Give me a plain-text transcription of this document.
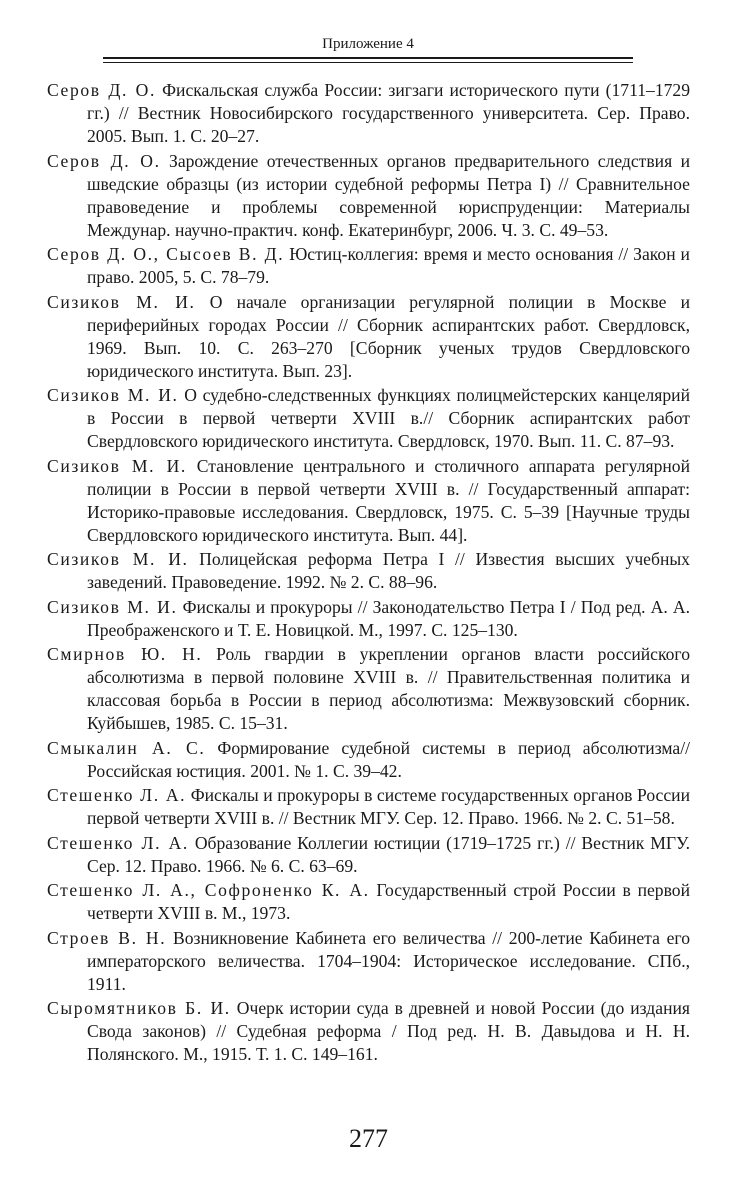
Приложение 4

Серов Д. О. Фискальская служба России: зигзаги исторического пути (1711–1729 гг.) // Вестник Новосибирского государственного университета. Сер. Право. 2005. Вып. 1. С. 20–27.

Серов Д. О. Зарождение отечественных органов предварительного следствия и шведские образцы (из истории судебной реформы Петра I) // Сравнительное правоведение и проблемы современной юриспруденции: Материалы Междунар. научно-практич. конф. Екатеринбург, 2006. Ч. 3. С. 49–53.

Серов Д. О., Сысоев В. Д. Юстиц-коллегия: время и место основания // Закон и право. 2005, 5. С. 78–79.

Сизиков М. И. О начале организации регулярной полиции в Москве и периферийных городах России // Сборник аспирантских работ. Свердловск, 1969. Вып. 10. С. 263–270 [Сборник ученых трудов Свердловского юридического института. Вып. 23].

Сизиков М. И. О судебно-следственных функциях полицмейстерских канцелярий в России в первой четверти XVIII в.// Сборник аспирантских работ Свердловского юридического института. Свердловск, 1970. Вып. 11. С. 87–93.

Сизиков М. И. Становление центрального и столичного аппарата регулярной полиции в России в первой четверти XVIII в. // Государственный аппарат: Историко-правовые исследования. Свердловск, 1975. С. 5–39 [Научные труды Свердловского юридического института. Вып. 44].

Сизиков М. И. Полицейская реформа Петра I // Известия высших учебных заведений. Правоведение. 1992. № 2. С. 88–96.

Сизиков М. И. Фискалы и прокуроры // Законодательство Петра I / Под ред. А. А. Преображенского и Т. Е. Новицкой. М., 1997. С. 125–130.

Смирнов Ю. Н. Роль гвардии в укреплении органов власти российского абсолютизма в первой половине XVIII в. // Правительственная политика и классовая борьба в России в период абсолютизма: Межвузовский сборник. Куйбышев, 1985. С. 15–31.

Смыкалин А. С. Формирование судебной системы в период абсолютизма// Российская юстиция. 2001. № 1. С. 39–42.

Стешенко Л. А. Фискалы и прокуроры в системе государственных органов России первой четверти XVIII в. // Вестник МГУ. Сер. 12. Право. 1966. № 2. С. 51–58.

Стешенко Л. А. Образование Коллегии юстиции (1719–1725 гг.) // Вестник МГУ. Сер. 12. Право. 1966. № 6. С. 63–69.

Стешенко Л. А., Софроненко К. А. Государственный строй России в первой четверти XVIII в. М., 1973.

Строев В. Н. Возникновение Кабинета его величества // 200-летие Кабинета его императорского величества. 1704–1904: Историческое исследование. СПб., 1911.

Сыромятников Б. И. Очерк истории суда в древней и новой России (до издания Свода законов) // Судебная реформа / Под ред. Н. В. Давыдова и Н. Н. Полянского. М., 1915. Т. 1. С. 149–161.

277
